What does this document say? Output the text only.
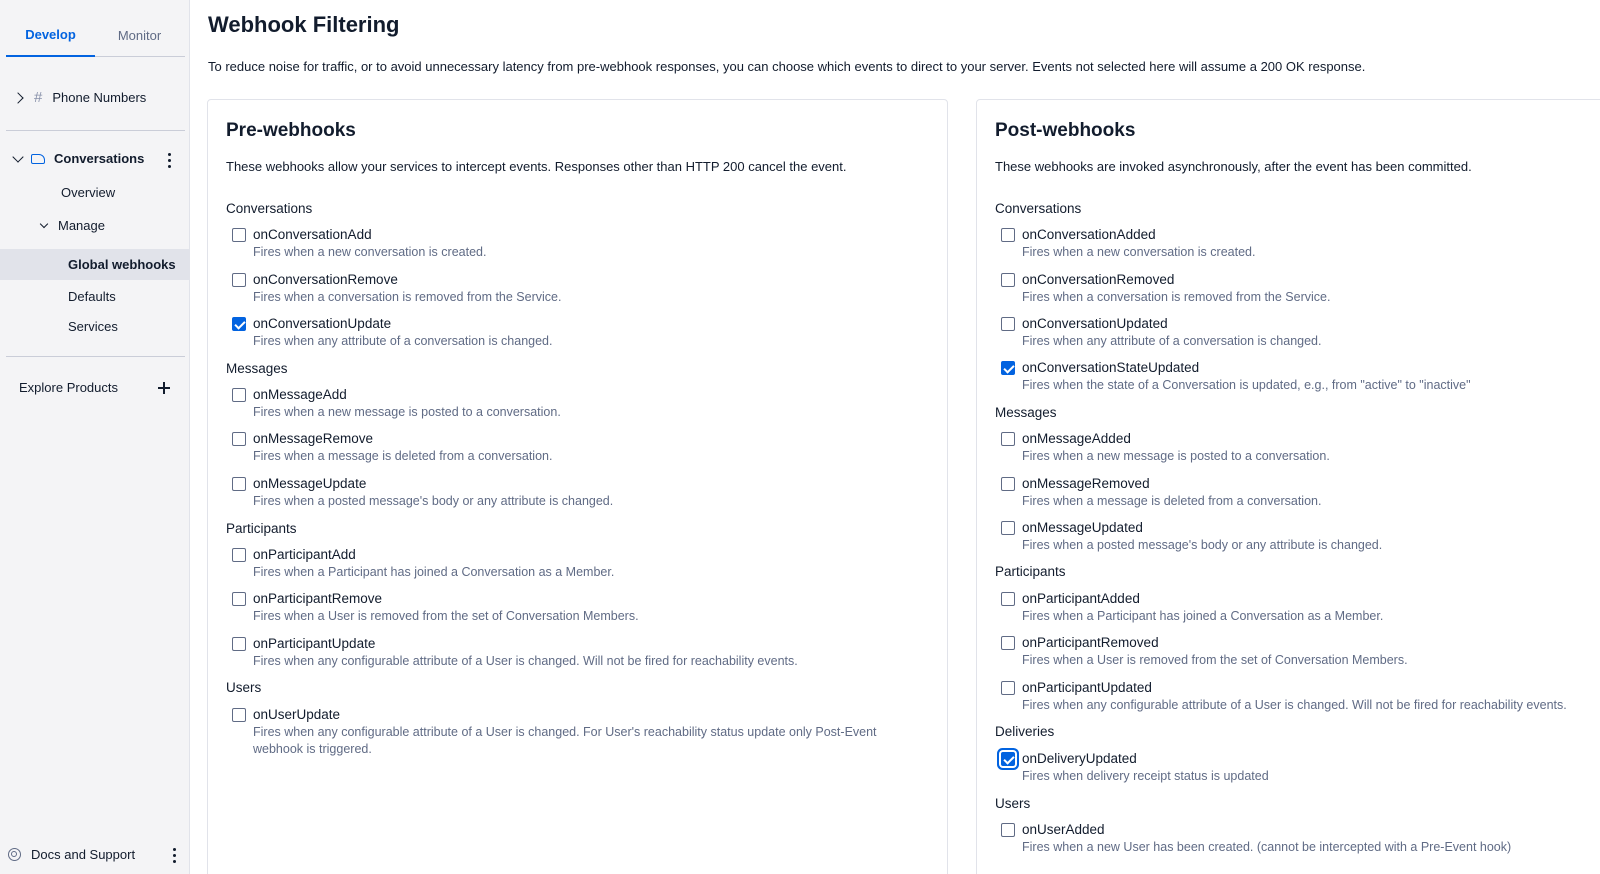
Develop	Monitor
# Phone Numbers
Conversations
Overview
Manage
Global webhooks
Defaults
Services
Explore Products
Docs and Support
Webhook Filtering
To reduce noise for traffic, or to avoid unnecessary latency from pre-webhook responses, you can choose which events to direct to your server. Events not selected here will assume a 200 OK response.
Pre-webhooks
These webhooks allow your services to intercept events. Responses other than HTTP 200 cancel the event.
Conversations
onConversationAdd
Fires when a new conversation is created.
onConversationRemove
Fires when a conversation is removed from the Service.
onConversationUpdate
Fires when any attribute of a conversation is changed.
Messages
onMessageAdd
Fires when a new message is posted to a conversation.
onMessageRemove
Fires when a message is deleted from a conversation.
onMessageUpdate
Fires when a posted message's body or any attribute is changed.
Participants
onParticipantAdd
Fires when a Participant has joined a Conversation as a Member.
onParticipantRemove
Fires when a User is removed from the set of Conversation Members.
onParticipantUpdate
Fires when any configurable attribute of a User is changed. Will not be fired for reachability events.
Users
onUserUpdate
Fires when any configurable attribute of a User is changed. For User's reachability status update only Post-Event webhook is triggered.
Post-webhooks
These webhooks are invoked asynchronously, after the event has been committed.
Conversations
onConversationAdded
Fires when a new conversation is created.
onConversationRemoved
Fires when a conversation is removed from the Service.
onConversationUpdated
Fires when any attribute of a conversation is changed.
onConversationStateUpdated
Fires when the state of a Conversation is updated, e.g., from "active" to "inactive"
Messages
onMessageAdded
Fires when a new message is posted to a conversation.
onMessageRemoved
Fires when a message is deleted from a conversation.
onMessageUpdated
Fires when a posted message's body or any attribute is changed.
Participants
onParticipantAdded
Fires when a Participant has joined a Conversation as a Member.
onParticipantRemoved
Fires when a User is removed from the set of Conversation Members.
onParticipantUpdated
Fires when any configurable attribute of a User is changed. Will not be fired for reachability events.
Deliveries
onDeliveryUpdated
Fires when delivery receipt status is updated
Users
onUserAdded
Fires when a new User has been created. (cannot be intercepted with a Pre-Event hook)
